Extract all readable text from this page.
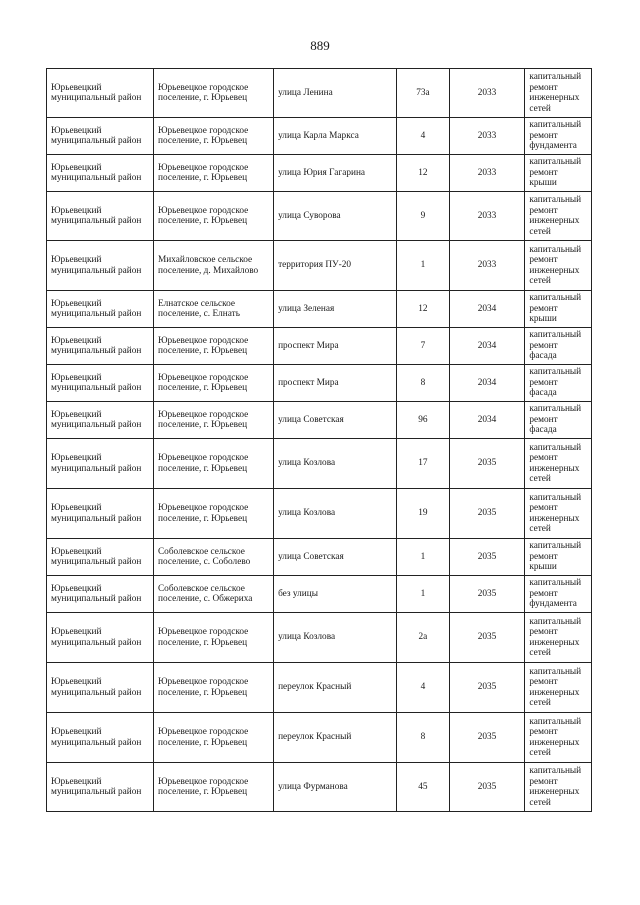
889
Юрьевецкий муниципальный район	Юрьевецкое городское поселение, г. Юрьевец	улица Ленина	73а	2033	капитальный ремонт инженерных сетей
Юрьевецкий муниципальный район	Юрьевецкое городское поселение, г. Юрьевец	улица Карла Маркса	4	2033	капитальный ремонт фундамента
Юрьевецкий муниципальный район	Юрьевецкое городское поселение, г. Юрьевец	улица Юрия Гагарина	12	2033	капитальный ремонт крыши
Юрьевецкий муниципальный район	Юрьевецкое городское поселение, г. Юрьевец	улица Суворова	9	2033	капитальный ремонт инженерных сетей
Юрьевецкий муниципальный район	Михайловское сельское поселение, д. Михайлово	территория ПУ-20	1	2033	капитальный ремонт инженерных сетей
Юрьевецкий муниципальный район	Елнатское сельское поселение, с. Елнать	улица Зеленая	12	2034	капитальный ремонт крыши
Юрьевецкий муниципальный район	Юрьевецкое городское поселение, г. Юрьевец	проспект Мира	7	2034	капитальный ремонт фасада
Юрьевецкий муниципальный район	Юрьевецкое городское поселение, г. Юрьевец	проспект Мира	8	2034	капитальный ремонт фасада
Юрьевецкий муниципальный район	Юрьевецкое городское поселение, г. Юрьевец	улица Советская	96	2034	капитальный ремонт фасада
Юрьевецкий муниципальный район	Юрьевецкое городское поселение, г. Юрьевец	улица Козлова	17	2035	капитальный ремонт инженерных сетей
Юрьевецкий муниципальный район	Юрьевецкое городское поселение, г. Юрьевец	улица Козлова	19	2035	капитальный ремонт инженерных сетей
Юрьевецкий муниципальный район	Соболевское сельское поселение, с. Соболево	улица Советская	1	2035	капитальный ремонт крыши
Юрьевецкий муниципальный район	Соболевское сельское поселение, с. Обжериха	без улицы	1	2035	капитальный ремонт фундамента
Юрьевецкий муниципальный район	Юрьевецкое городское поселение, г. Юрьевец	улица Козлова	2а	2035	капитальный ремонт инженерных сетей
Юрьевецкий муниципальный район	Юрьевецкое городское поселение, г. Юрьевец	переулок Красный	4	2035	капитальный ремонт инженерных сетей
Юрьевецкий муниципальный район	Юрьевецкое городское поселение, г. Юрьевец	переулок Красный	8	2035	капитальный ремонт инженерных сетей
Юрьевецкий муниципальный район	Юрьевецкое городское поселение, г. Юрьевец	улица Фурманова	45	2035	капитальный ремонт инженерных сетей
